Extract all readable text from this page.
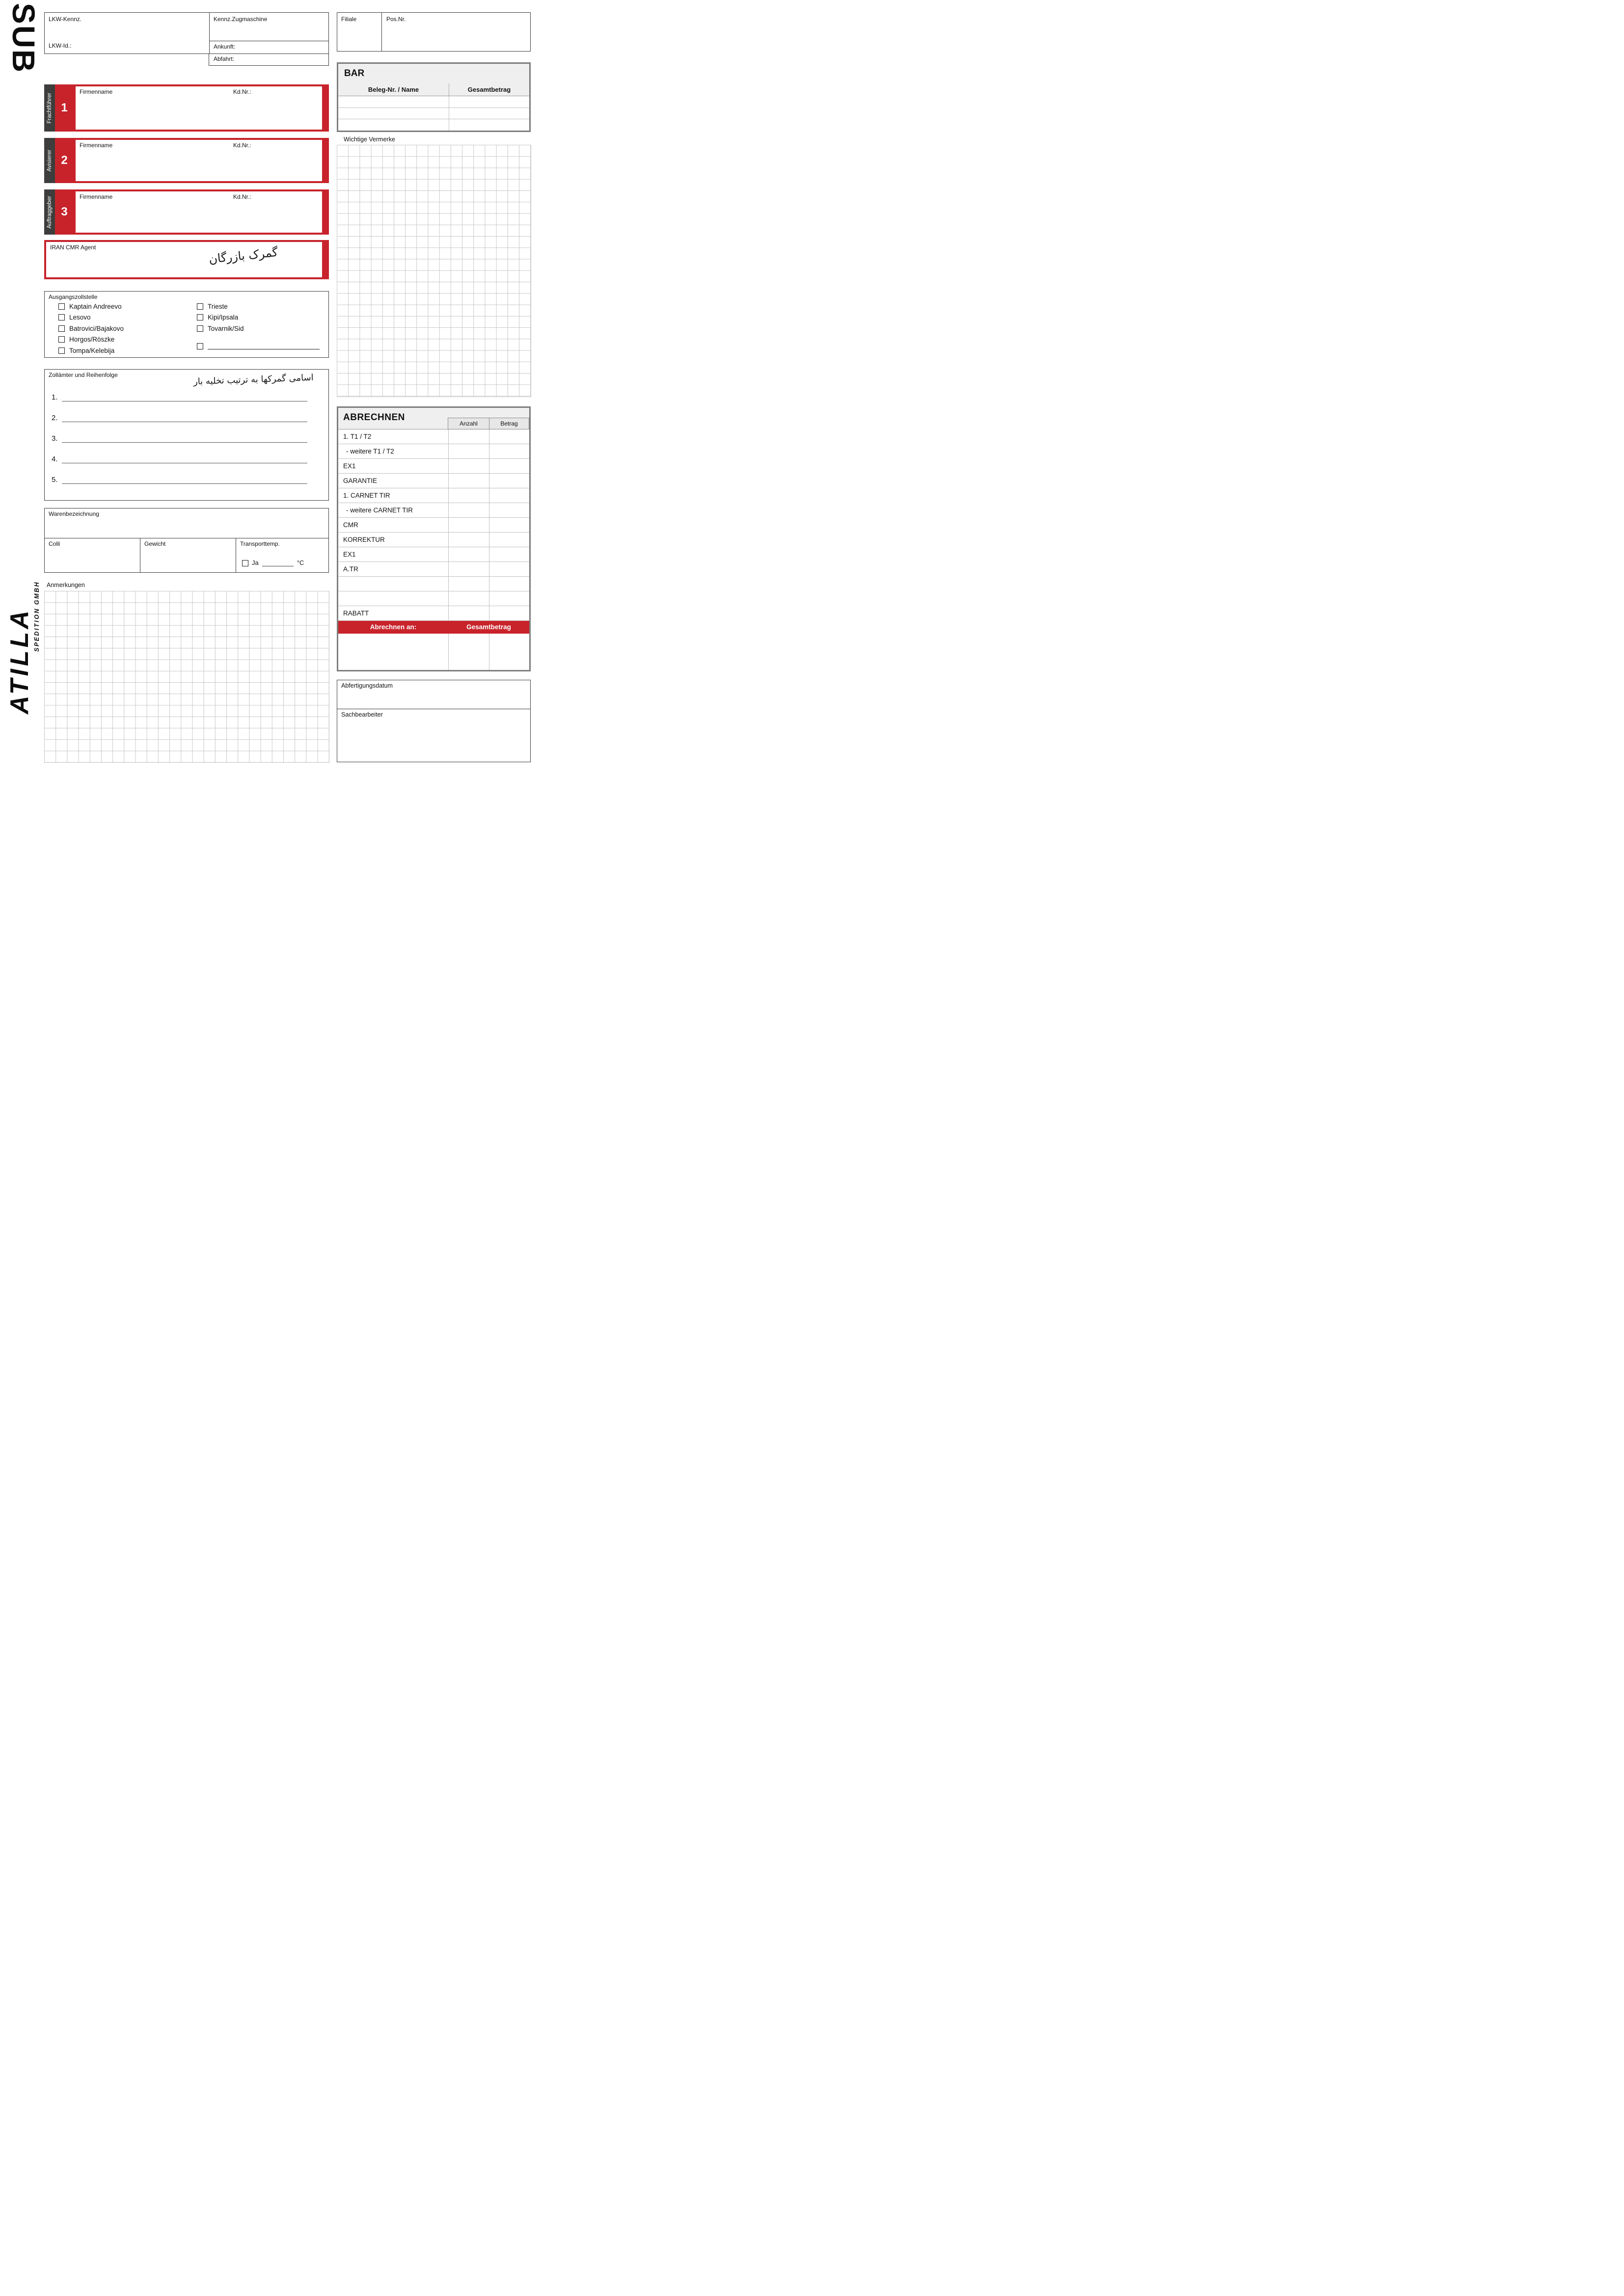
SUB LKW-Kennz.
LKW-Id.:
Kennz.Zugmaschine
Ankunft:
Abfahrt:
Filiale	Pos.Nr.
BAR
Beleg-Nr. / Name	Gesamtbetrag
Frachtführer 1
Firmenname	Kd.Nr.:
Avisierer 2
Firmenname	Kd.Nr.:
Auftraggeber 3
Firmenname	Kd.Nr.:
IRAN CMR Agent	گمرک بازرگان
Ausgangszollstelle
Kaptain Andreevo
Lesovo
Batrovici/Bajakovo
Horgos/Röszke
Tompa/Kelebija
Trieste
Kipi/Ipsala
Tovarnik/Sid
Zollämter und Reihenfolge	اسامی گمرکها به ترتیب تخلیه بار
1.
2.
3.
4.
5.
Warenbezeichnung
Colli	Gewicht	Transporttemp.
Ja	°C
Anmerkungen
Wichtige Vermerke
ABRECHNEN
Anzahl	Betrag
1. T1 / T2
- weitere T1 / T2
EX1
GARANTIE
1. CARNET TIR
- weitere CARNET TIR
CMR
KORREKTUR
EX1
A.TR
RABATT
Abrechnen an:	Gesamtbetrag
Abfertigungsdatum
Sachbearbeiter
ATILLA SPEDITION GMBH
